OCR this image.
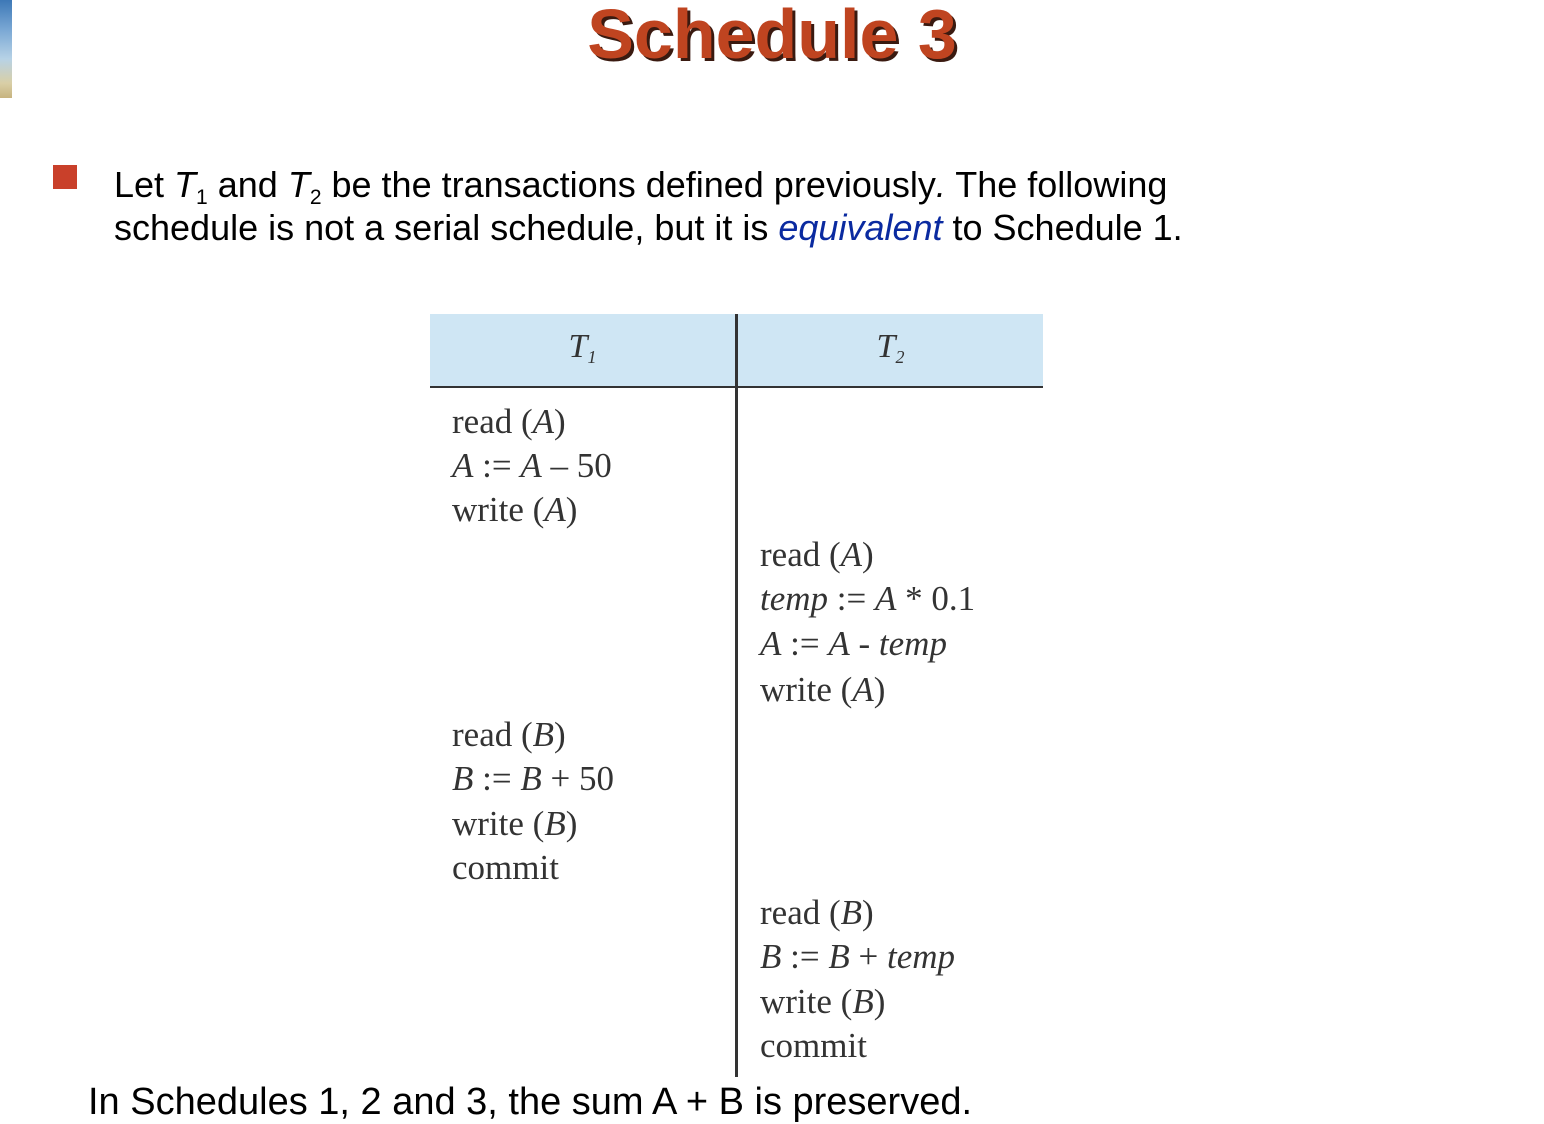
Schedule 3
Let $T_1$ and $T_2$ be the transactions defined previously. The following
schedule is not a serial schedule, but it is equivalent to Schedule 1.
$T_1$	$T_2$
read (A)
A := A – 50
write (A)
read (A)
temp := A * 0.1
A := A - temp
write (A)
read (B)
B := B + 50
write (B)
commit
read (B)
B := B + temp
write (B)
commit
In Schedules 1, 2 and 3, the sum A + B is preserved.
